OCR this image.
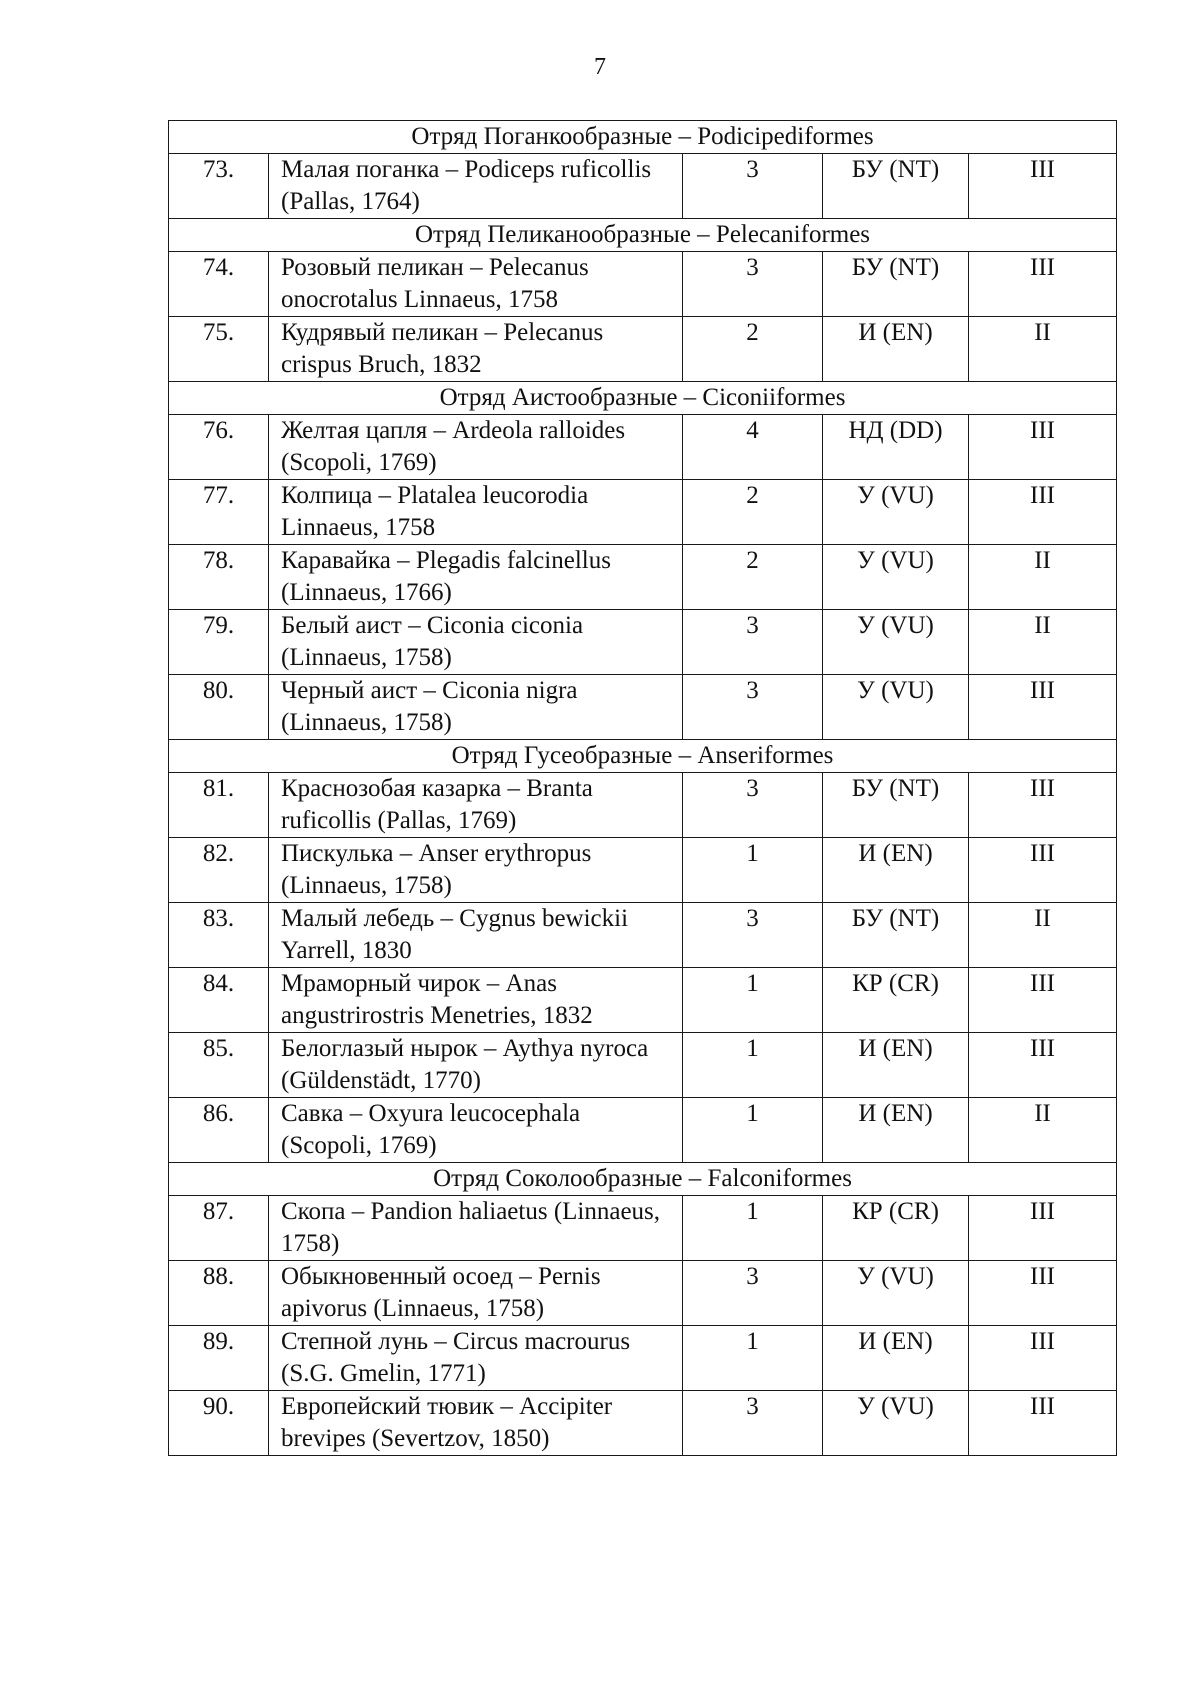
7
Отряд Поганкообразные – Podicipediformes				
73.	Малая поганка – Podiceps ruficollis (Pallas, 1764)	3	БУ (NT)	III
Отряд Пеликанообразные – Pelecaniformes				
74.	Розовый пеликан – Pelecanus onocrotalus Linnaeus, 1758	3	БУ (NT)	III
75.	Кудрявый пеликан – Pelecanus crispus Bruch, 1832	2	И (EN)	II
Отряд Аистообразные – Ciconiiformes				
76.	Желтая цапля – Ardeola ralloides (Scopoli, 1769)	4	НД (DD)	III
77.	Колпица – Platalea leucorodia Linnaeus, 1758	2	У (VU)	III
78.	Каравайка – Plegadis falcinellus (Linnaeus, 1766)	2	У (VU)	II
79.	Белый аист – Ciconia ciconia (Linnaeus, 1758)	3	У (VU)	II
80.	Черный аист – Ciconia nigra (Linnaeus, 1758)	3	У (VU)	III
Отряд Гусеобразные – Anseriformes				
81.	Краснозобая казарка – Branta ruficollis (Pallas, 1769)	3	БУ (NT)	III
82.	Пискулька – Anser erythropus (Linnaeus, 1758)	1	И (EN)	III
83.	Малый лебедь – Cygnus bewickii Yarrell, 1830	3	БУ (NT)	II
84.	Мраморный чирок – Anas angustrirostris Menetries, 1832	1	КР (CR)	III
85.	Белоглазый нырок – Aythya nyroca (Güldenstädt, 1770)	1	И (EN)	III
86.	Савка – Oxyura leucocephala (Scopoli, 1769)	1	И (EN)	II
Отряд Соколообразные – Falconiformes				
87.	Скопа – Pandion haliaetus (Linnaeus, 1758)	1	КР (CR)	III
88.	Обыкновенный осоед – Pernis apivorus (Linnaeus, 1758)	3	У (VU)	III
89.	Степной лунь – Circus macrourus (S.G. Gmelin, 1771)	1	И (EN)	III
90.	Европейский тювик – Accipiter brevipes (Severtzov, 1850)	3	У (VU)	III
